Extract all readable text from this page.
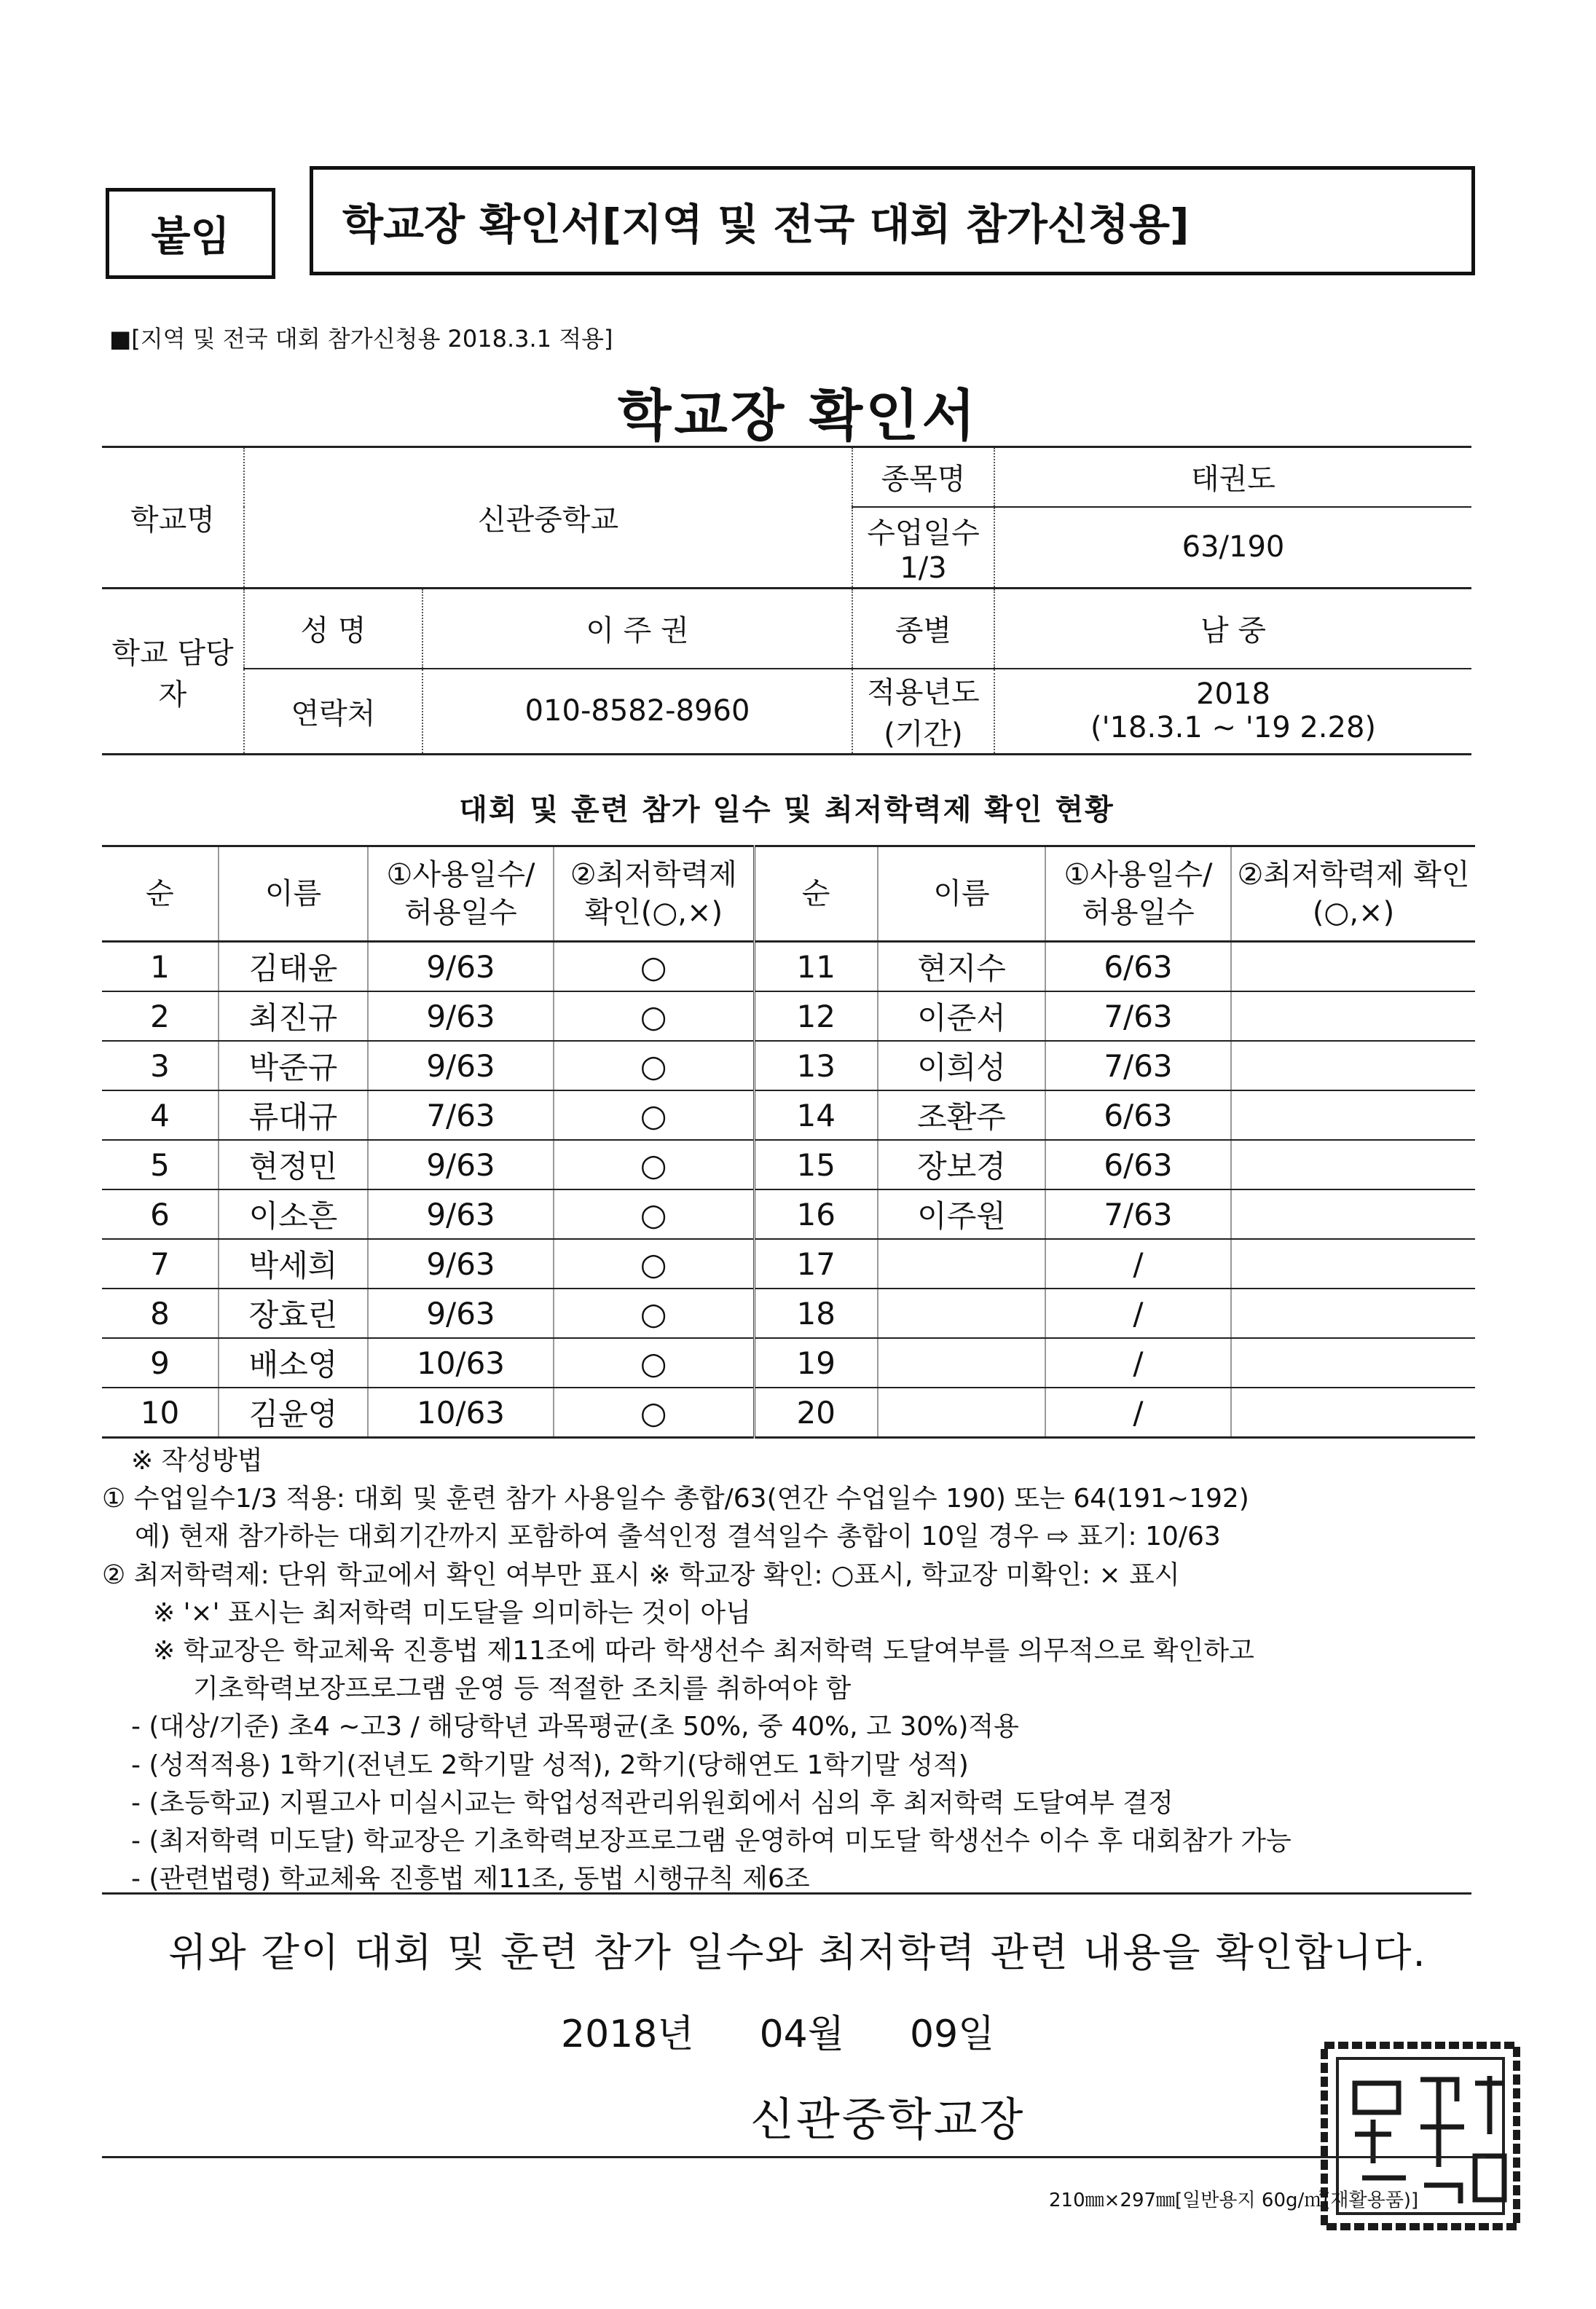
붙임	학교장 확인서[지역 및 전국 대회 참가신청용]
■[지역 및 전국 대회 참가신청용 2018.3.1 적용]
학교장 확인서
학교명	신관중학교		종목명	태권도
			수업일수 1/3	63/190
학교 담당자	성 명	이 주 권	종별	남 중
	연락처	010-8582-8960	적용년도 (기간)	2018
('18.3.1 ~ '19 2.28)
대회 및 훈련 참가 일수 및 최저학력제 확인 현황
순	이름	①사용일수/ 허용일수	②최저학력제 확인(○,×)	순	이름	①사용일수/ 허용일수	②최저학력제 확인(○,×)
1	김태윤	9/63	○	11	현지수	6/63	
2	최진규	9/63	○	12	이준서	7/63	
3	박준규	9/63	○	13	이희성	7/63	
4	류대규	7/63	○	14	조환주	6/63	
5	현정민	9/63	○	15	장보경	6/63	
6	이소흔	9/63	○	16	이주원	7/63	
7	박세희	9/63	○	17		/	
8	장효린	9/63	○	18		/	
9	배소영	10/63	○	19		/	
10	김윤영	10/63	○	20		/	
※ 작성방법
① 수업일수1/3 적용: 대회 및 훈련 참가 사용일수 총합/63(연간 수업일수 190) 또는 64(191~192)
예) 현재 참가하는 대회기간까지 포함하여 출석인정 결석일수 총합이 10일 경우 ⇨ 표기: 10/63
② 최저학력제: 단위 학교에서 확인 여부만 표시 ※ 학교장 확인: ○표시, 학교장 미확인: × 표시
※ '×' 표시는 최저학력 미도달을 의미하는 것이 아님
※ 학교장은 학교체육 진흥법 제11조에 따라 학생선수 최저학력 도달여부를 의무적으로 확인하고
기초학력보장프로그램 운영 등 적절한 조치를 취하여야 함
- (대상/기준) 초4 ~고3 / 해당학년 과목평균(초 50%, 중 40%, 고 30%)적용
- (성적적용) 1학기(전년도 2학기말 성적), 2학기(당해연도 1학기말 성적)
- (초등학교) 지필고사 미실시교는 학업성적관리위원회에서 심의 후 최저학력 도달여부 결정
- (최저학력 미도달) 학교장은 기초학력보장프로그램 운영하여 미도달 학생선수 이수 후 대회참가 가능
- (관련법령) 학교체육 진흥법 제11조, 동법 시행규칙 제6조
위와 같이 대회 및 훈련 참가 일수와 최저학력 관련 내용을 확인합니다.
2018년 04월 09일
신관중학교장
210㎜×297㎜[일반용지 60g/㎡(재활용품)]
